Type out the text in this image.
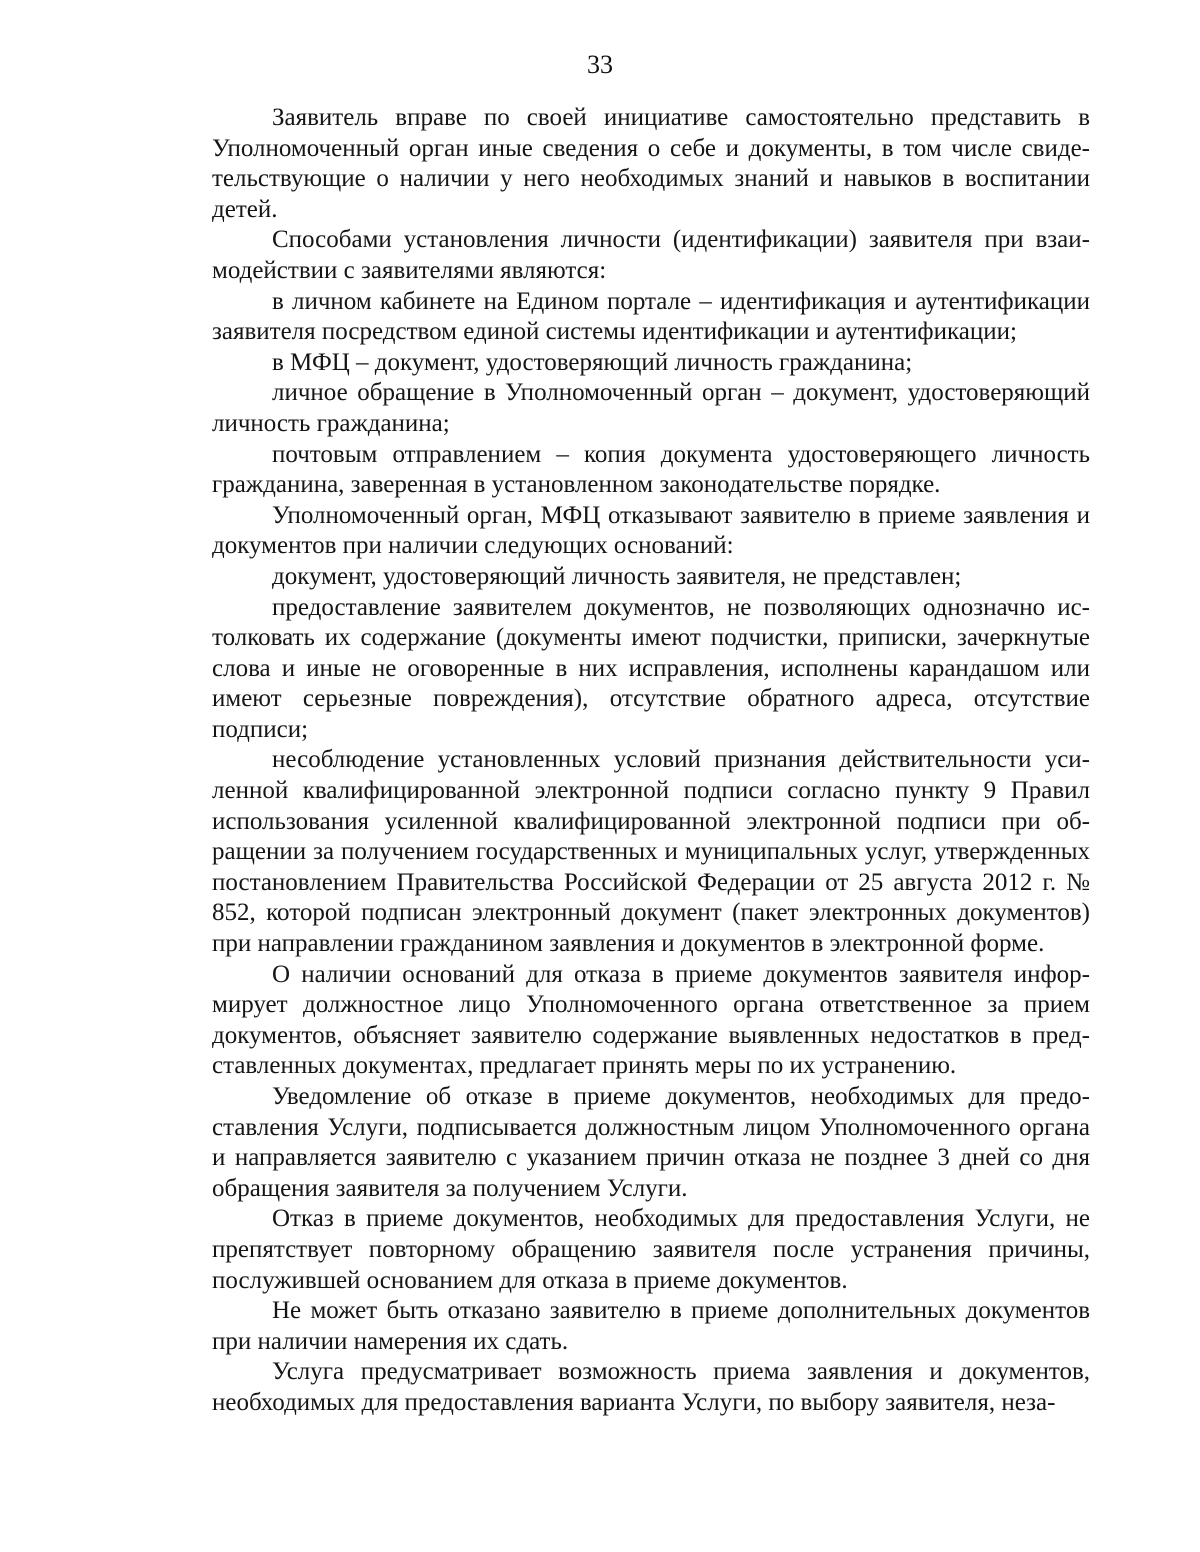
33

Заявитель вправе по своей инициативе самостоятельно представить в Уполномоченный орган иные сведения о себе и документы, в том числе свидетельствующие о наличии у него необходимых знаний и навыков в воспитании детей.

Способами установления личности (идентификации) заявителя при взаимодействии с заявителями являются:

в личном кабинете на Едином портале – идентификация и аутентификации заявителя посредством единой системы идентификации и аутентификации;

в МФЦ – документ, удостоверяющий личность гражданина;

личное обращение в Уполномоченный орган – документ, удостоверяющий личность гражданина;

почтовым отправлением – копия документа удостоверяющего личность гражданина, заверенная в установленном законодательстве порядке.

Уполномоченный орган, МФЦ отказывают заявителю в приеме заявления и документов при наличии следующих оснований:

документ, удостоверяющий личность заявителя, не представлен;

предоставление заявителем документов, не позволяющих однозначно истолковать их содержание (документы имеют подчистки, приписки, зачеркнутые слова и иные не оговоренные в них исправления, исполнены карандашом или имеют серьезные повреждения), отсутствие обратного адреса, отсутствие подписи;

несоблюдение установленных условий признания действительности усиленной квалифицированной электронной подписи согласно пункту 9 Правил использования усиленной квалифицированной электронной подписи при обращении за получением государственных и муниципальных услуг, утвержденных постановлением Правительства Российской Федерации от 25 августа 2012 г. № 852, которой подписан электронный документ (пакет электронных документов) при направлении гражданином заявления и документов в электронной форме.

О наличии оснований для отказа в приеме документов заявителя информирует должностное лицо Уполномоченного органа ответственное за прием документов, объясняет заявителю содержание выявленных недостатков в представленных документах, предлагает принять меры по их устранению.

Уведомление об отказе в приеме документов, необходимых для предоставления Услуги, подписывается должностным лицом Уполномоченного органа и направляется заявителю с указанием причин отказа не позднее 3 дней со дня обращения заявителя за получением Услуги.

Отказ в приеме документов, необходимых для предоставления Услуги, не препятствует повторному обращению заявителя после устранения причины, послужившей основанием для отказа в приеме документов.

Не может быть отказано заявителю в приеме дополнительных документов при наличии намерения их сдать.

Услуга предусматривает возможность приема заявления и документов, необходимых для предоставления варианта Услуги, по выбору заявителя, неза-
